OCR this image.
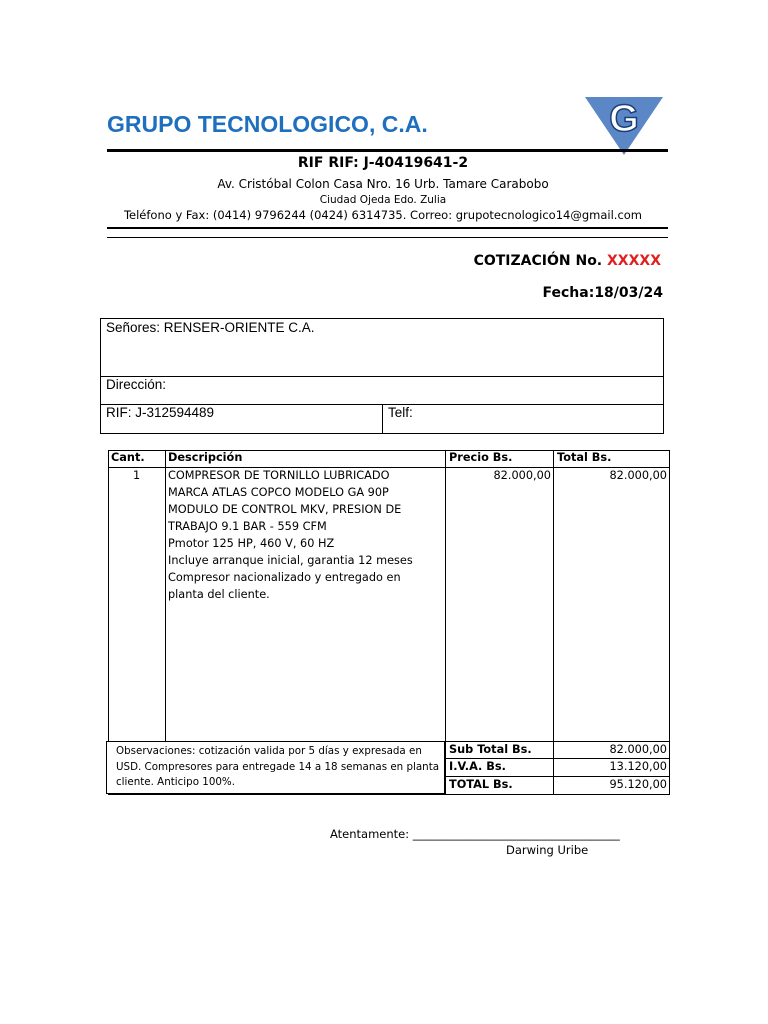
GRUPO TECNOLOGICO, C.A.	G
RIF RIF: J-40419641-2
Av. Cristóbal Colon Casa Nro. 16 Urb. Tamare Carabobo
Ciudad Ojeda Edo. Zulia
Teléfono y Fax: (0414) 9796244 (0424) 6314735. Correo: grupotecnologico14@gmail.com
COTIZACIÓN No. XXXXX
Fecha:18/03/24
Señores: RENSER-ORIENTE C.A.
Dirección:
RIF: J-312594489	Telf:
Cant. Descripción	Precio Bs.	Total Bs.
1 COMPRESOR DE TORNILLO LUBRICADO
MARCA ATLAS COPCO MODELO GA 90P
MODULO DE CONTROL MKV, PRESION DE
TRABAJO 9.1 BAR - 559 CFM
Pmotor 125 HP, 460 V, 60 HZ
Incluye arranque inicial, garantia 12 meses
Compresor nacionalizado y entregado en
planta del cliente.
82.000,00	82.000,00
Sub Total Bs.	82.000,00
I.V.A. Bs.	13.120,00
TOTAL Bs.	95.120,00
Observaciones: cotización valida por 5 días y expresada en USD. Compresores para entregade 14 a 18 semanas en planta cliente. Anticipo 100%.
Atentamente: ____________________________________
Darwing Uribe
